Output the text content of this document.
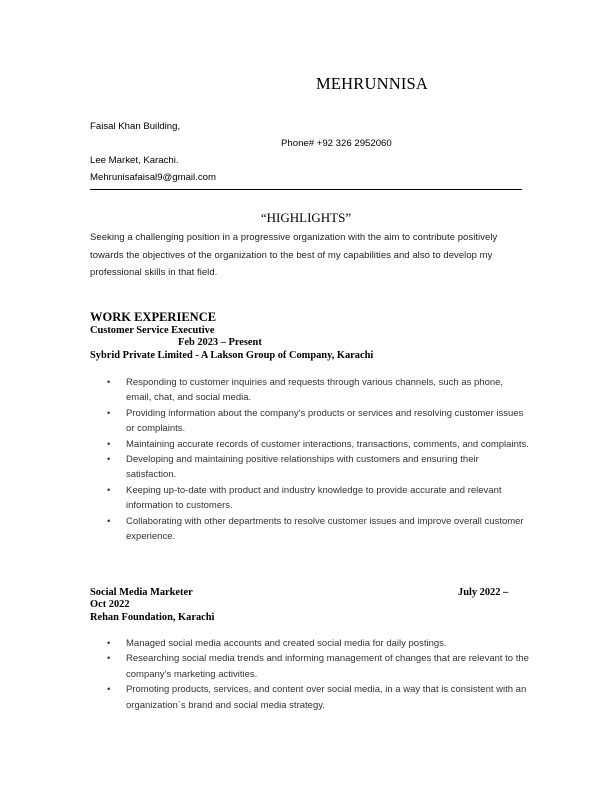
MEHRUNNISA
Faisal Khan Building,
Phone# +92 326 2952060
Lee Market, Karachi.
Mehrunisafaisal9@gmail.com
“HIGHLIGHTS”
Seeking a challenging position in a progressive organization with the aim to contribute positively towards the objectives of the organization to the best of my capabilities and also to develop my professional skills in that field.
WORK EXPERIENCE
Customer Service Executive
Feb 2023 – Present
Sybrid Private Limited - A Lakson Group of Company, Karachi
• Responding to customer inquiries and requests through various channels, such as phone, email, chat, and social media.
• Providing information about the company's products or services and resolving customer issues or complaints.
• Maintaining accurate records of customer interactions, transactions, comments, and complaints.
• Developing and maintaining positive relationships with customers and ensuring their satisfaction.
• Keeping up-to-date with product and industry knowledge to provide accurate and relevant information to customers.
• Collaborating with other departments to resolve customer issues and improve overall customer experience.
Social Media Marketer	July 2022 –
Oct 2022
Rehan Foundation, Karachi
• Managed social media accounts and created social media for daily postings.
• Researching social media trends and informing management of changes that are relevant to the company’s marketing activities.
• Promoting products, services, and content over social media, in a way that is consistent with an organization`s brand and social media strategy.
